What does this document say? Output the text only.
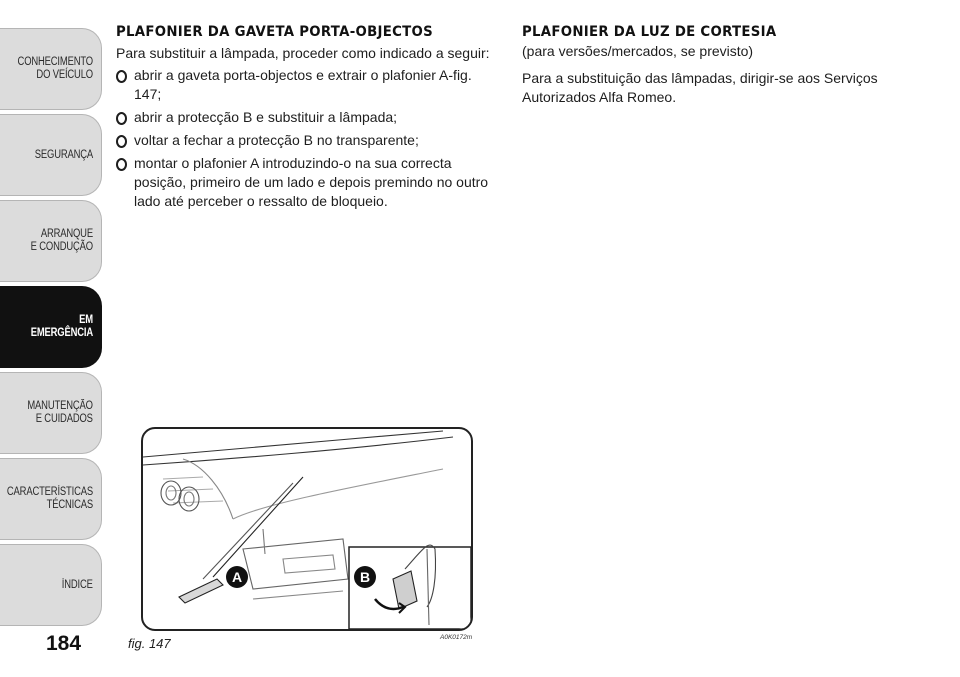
CONHECIMENTO
DO VEÍCULO
SEGURANÇA
ARRANQUE
E CONDUÇÃO
EM EMERGÊNCIA
MANUTENÇÃO
E CUIDADOS
CARACTERÍSTICAS
TÉCNICAS
ÍNDICE
184
PLAFONIER DA GAVETA PORTA-OBJECTOS

Para substituir a lâmpada, proceder como indicado a seguir:

abrir a gaveta porta-objectos e extrair o plafonier A-fig. 147;
abrir a protecção B e substituir a lâmpada;
voltar a fechar a protecção B no transparente;
montar o plafonier A introduzindo-o na sua correcta posição, primeiro de um lado e depois premindo no outro lado até perceber o ressalto de bloqueio.
PLAFONIER DA LUZ DE CORTESIA

(para versões/mercados, se previsto)

Para a substituição das lâmpadas, dirigir-se aos Serviços Autorizados Alfa Romeo.

A	B
fig. 147	A0K0172m
